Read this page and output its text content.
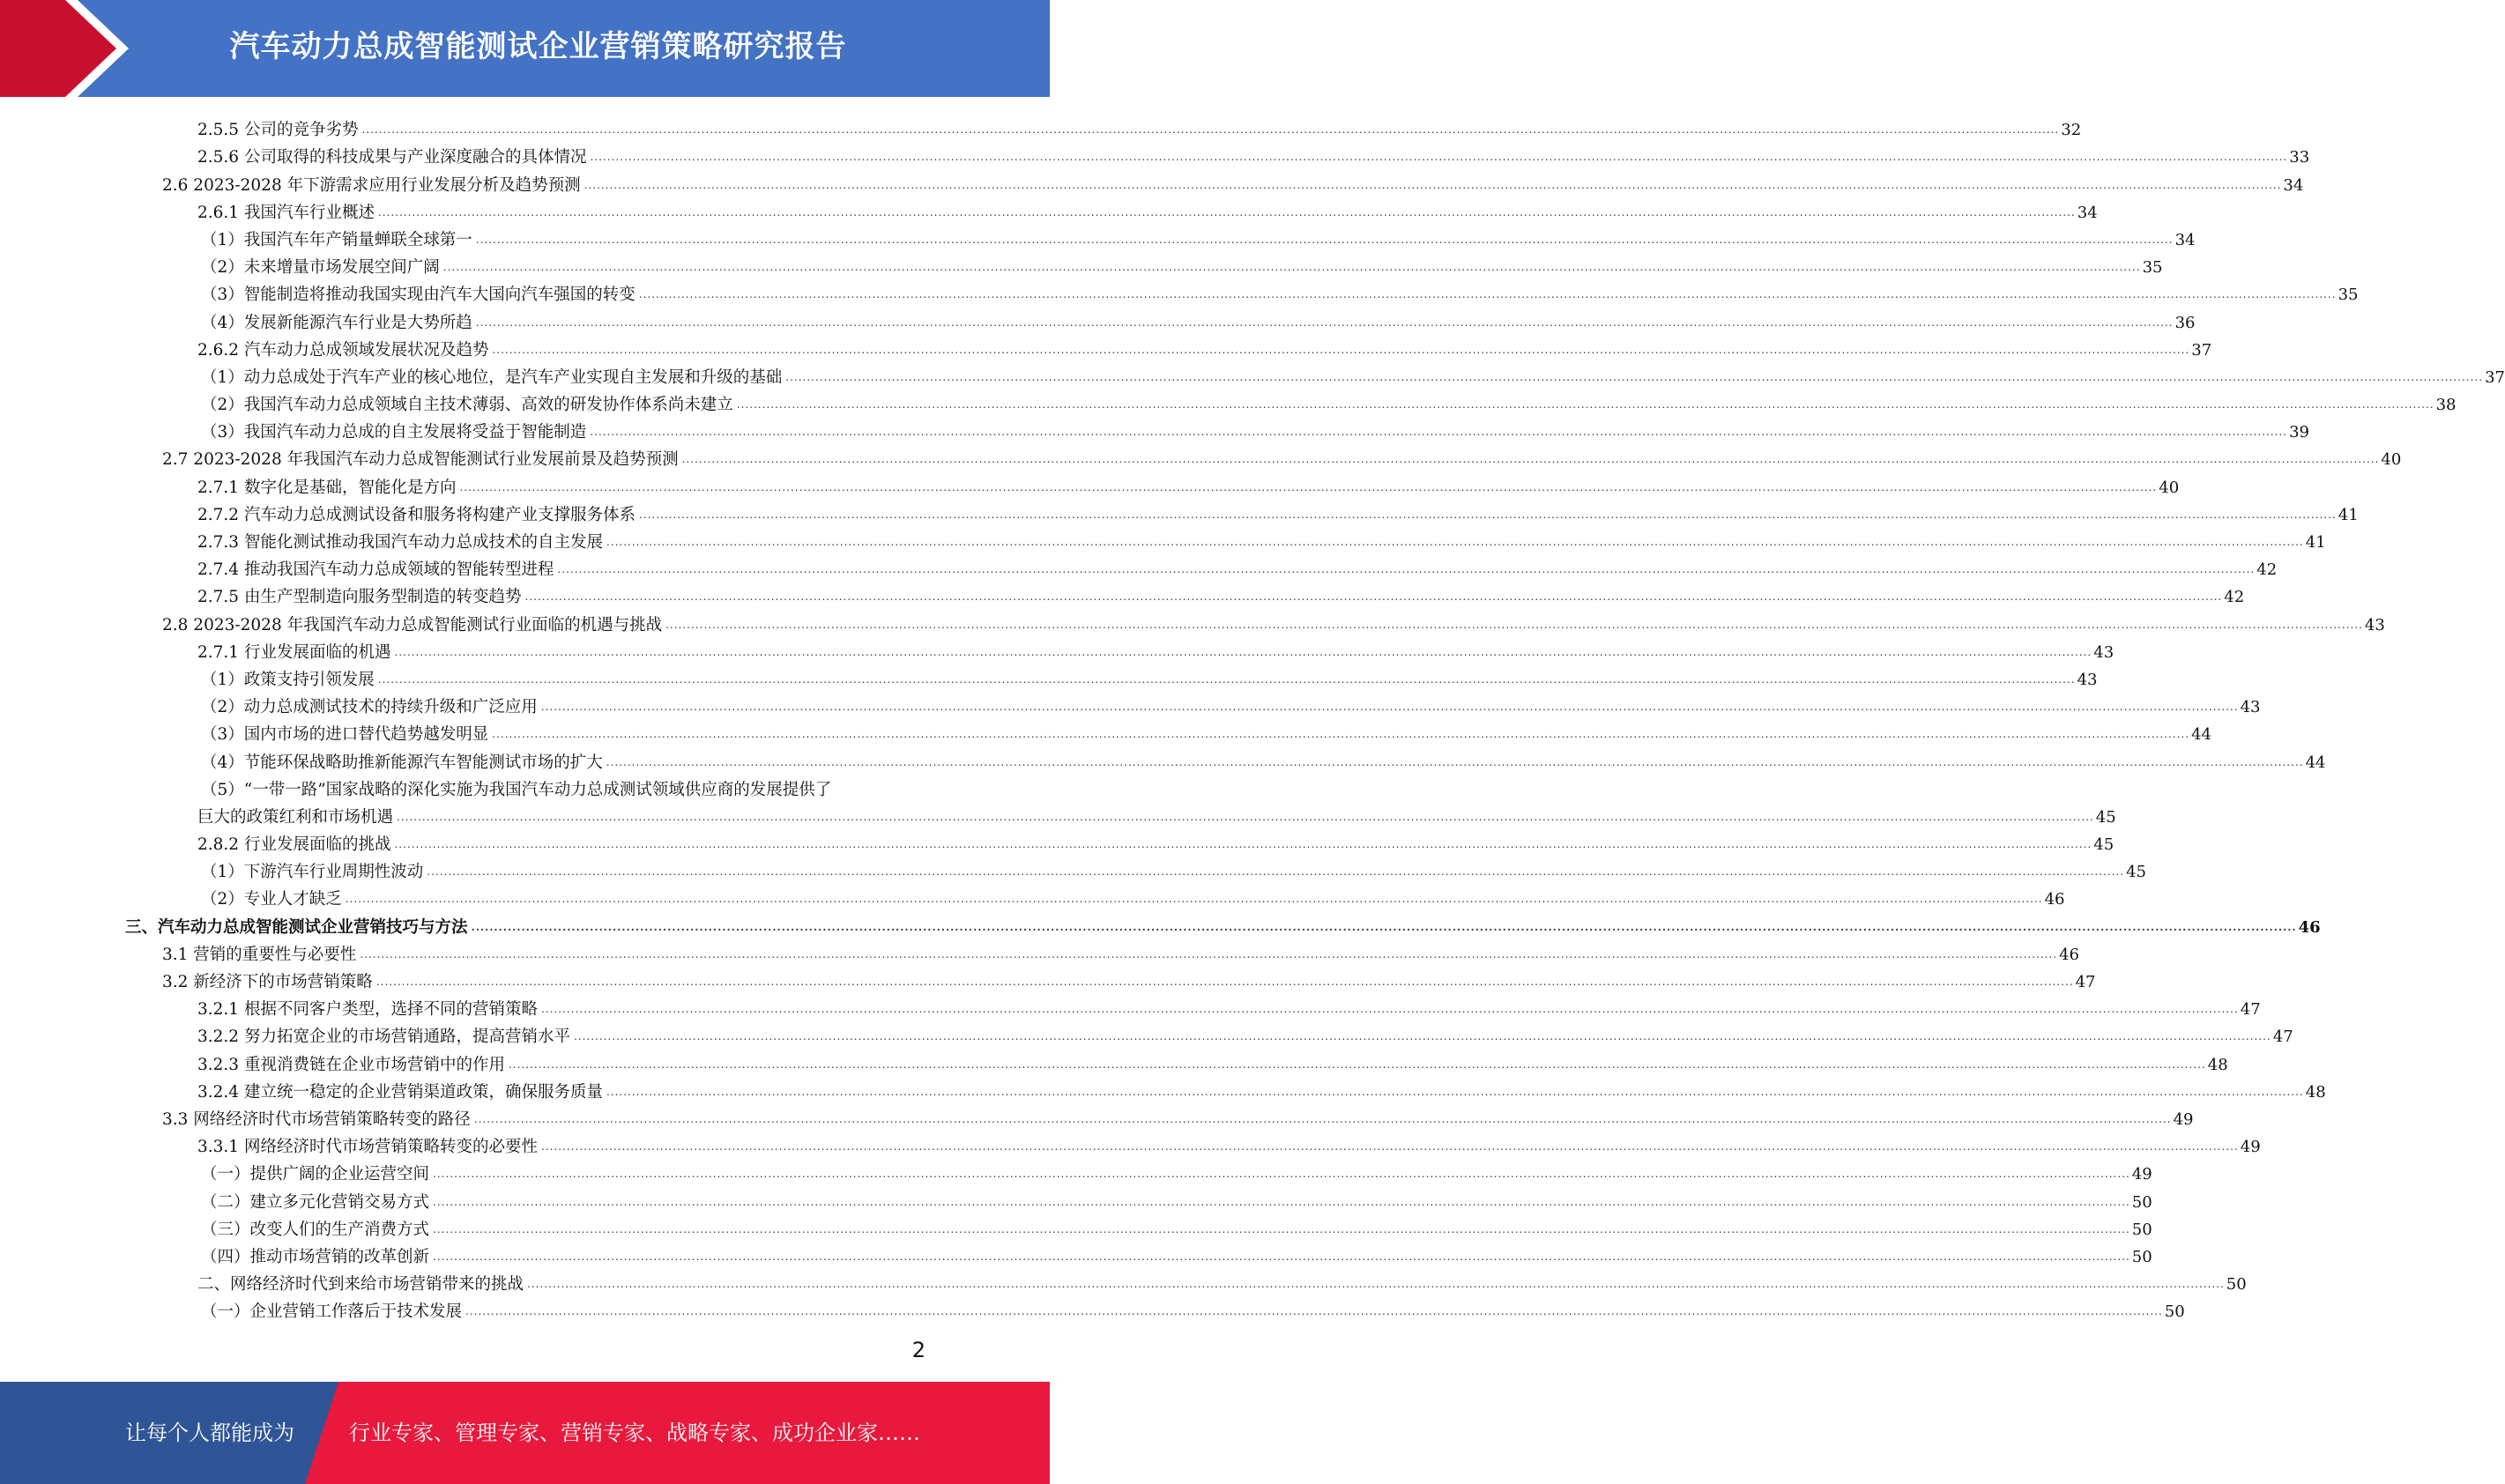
汽车动力总成智能测试企业营销策略研究报告
2.5.5 公司的竞争劣势 ................................................................................................................................................................................................................................................................................................................................................................................................................ 32
2.5.6 公司取得的科技成果与产业深度融合的具体情况 ................................................................................................................................................................................................................................................................................................................................................................................................................ 33
2.6 2023-2028 年下游需求应用行业发展分析及趋势预测 ................................................................................................................................................................................................................................................................................................................................................................................................................ 34
2.6.1 我国汽车行业概述 ................................................................................................................................................................................................................................................................................................................................................................................................................ 34
（1）我国汽车年产销量蝉联全球第一 ................................................................................................................................................................................................................................................................................................................................................................................................................ 34
（2）未来增量市场发展空间广阔 ................................................................................................................................................................................................................................................................................................................................................................................................................ 35
（3）智能制造将推动我国实现由汽车大国向汽车强国的转变 ................................................................................................................................................................................................................................................................................................................................................................................................................ 35
（4）发展新能源汽车行业是大势所趋 ................................................................................................................................................................................................................................................................................................................................................................................................................ 36
2.6.2 汽车动力总成领域发展状况及趋势 ................................................................................................................................................................................................................................................................................................................................................................................................................ 37
（1）动力总成处于汽车产业的核心地位，是汽车产业实现自主发展和升级的基础 ................................................................................................................................................................................................................................................................................................................................................................................................................ 37
（2）我国汽车动力总成领域自主技术薄弱、高效的研发协作体系尚未建立 ................................................................................................................................................................................................................................................................................................................................................................................................................ 38
（3）我国汽车动力总成的自主发展将受益于智能制造 ................................................................................................................................................................................................................................................................................................................................................................................................................ 39
2.7 2023-2028 年我国汽车动力总成智能测试行业发展前景及趋势预测 ................................................................................................................................................................................................................................................................................................................................................................................................................ 40
2.7.1 数字化是基础，智能化是方向 ................................................................................................................................................................................................................................................................................................................................................................................................................ 40
2.7.2 汽车动力总成测试设备和服务将构建产业支撑服务体系 ................................................................................................................................................................................................................................................................................................................................................................................................................ 41
2.7.3 智能化测试推动我国汽车动力总成技术的自主发展 ................................................................................................................................................................................................................................................................................................................................................................................................................ 41
2.7.4 推动我国汽车动力总成领域的智能转型进程 ................................................................................................................................................................................................................................................................................................................................................................................................................ 42
2.7.5 由生产型制造向服务型制造的转变趋势 ................................................................................................................................................................................................................................................................................................................................................................................................................ 42
2.8 2023-2028 年我国汽车动力总成智能测试行业面临的机遇与挑战 ................................................................................................................................................................................................................................................................................................................................................................................................................ 43
2.7.1 行业发展面临的机遇 ................................................................................................................................................................................................................................................................................................................................................................................................................ 43
（1）政策支持引领发展 ................................................................................................................................................................................................................................................................................................................................................................................................................ 43
（2）动力总成测试技术的持续升级和广泛应用 ................................................................................................................................................................................................................................................................................................................................................................................................................ 43
（3）国内市场的进口替代趋势越发明显 ................................................................................................................................................................................................................................................................................................................................................................................................................ 44
（4）节能环保战略助推新能源汽车智能测试市场的扩大 ................................................................................................................................................................................................................................................................................................................................................................................................................ 44
（5）“一带一路”国家战略的深化实施为我国汽车动力总成测试领域供应商的发展提供了
巨大的政策红利和市场机遇 ................................................................................................................................................................................................................................................................................................................................................................................................................ 45
2.8.2 行业发展面临的挑战 ................................................................................................................................................................................................................................................................................................................................................................................................................ 45
（1）下游汽车行业周期性波动 ................................................................................................................................................................................................................................................................................................................................................................................................................ 45
（2）专业人才缺乏 ................................................................................................................................................................................................................................................................................................................................................................................................................ 46
三、汽车动力总成智能测试企业营销技巧与方法 ................................................................................................................................................................................................................................................................................................................................................................................................................ 46
3.1 营销的重要性与必要性 ................................................................................................................................................................................................................................................................................................................................................................................................................ 46
3.2 新经济下的市场营销策略 ................................................................................................................................................................................................................................................................................................................................................................................................................ 47
3.2.1 根据不同客户类型，选择不同的营销策略 ................................................................................................................................................................................................................................................................................................................................................................................................................ 47
3.2.2 努力拓宽企业的市场营销通路，提高营销水平 ................................................................................................................................................................................................................................................................................................................................................................................................................ 47
3.2.3 重视消费链在企业市场营销中的作用 ................................................................................................................................................................................................................................................................................................................................................................................................................ 48
3.2.4 建立统一稳定的企业营销渠道政策，确保服务质量 ................................................................................................................................................................................................................................................................................................................................................................................................................ 48
3.3 网络经济时代市场营销策略转变的路径 ................................................................................................................................................................................................................................................................................................................................................................................................................ 49
3.3.1 网络经济时代市场营销策略转变的必要性 ................................................................................................................................................................................................................................................................................................................................................................................................................ 49
（一）提供广阔的企业运营空间 ................................................................................................................................................................................................................................................................................................................................................................................................................ 49
（二）建立多元化营销交易方式 ................................................................................................................................................................................................................................................................................................................................................................................................................ 50
（三）改变人们的生产消费方式 ................................................................................................................................................................................................................................................................................................................................................................................................................ 50
（四）推动市场营销的改革创新 ................................................................................................................................................................................................................................................................................................................................................................................................................ 50
二、网络经济时代到来给市场营销带来的挑战 ................................................................................................................................................................................................................................................................................................................................................................................................................ 50
（一）企业营销工作落后于技术发展 ................................................................................................................................................................................................................................................................................................................................................................................................................ 50
2
让每个人都能成为	行业专家、管理专家、营销专家、战略专家、成功企业家……
